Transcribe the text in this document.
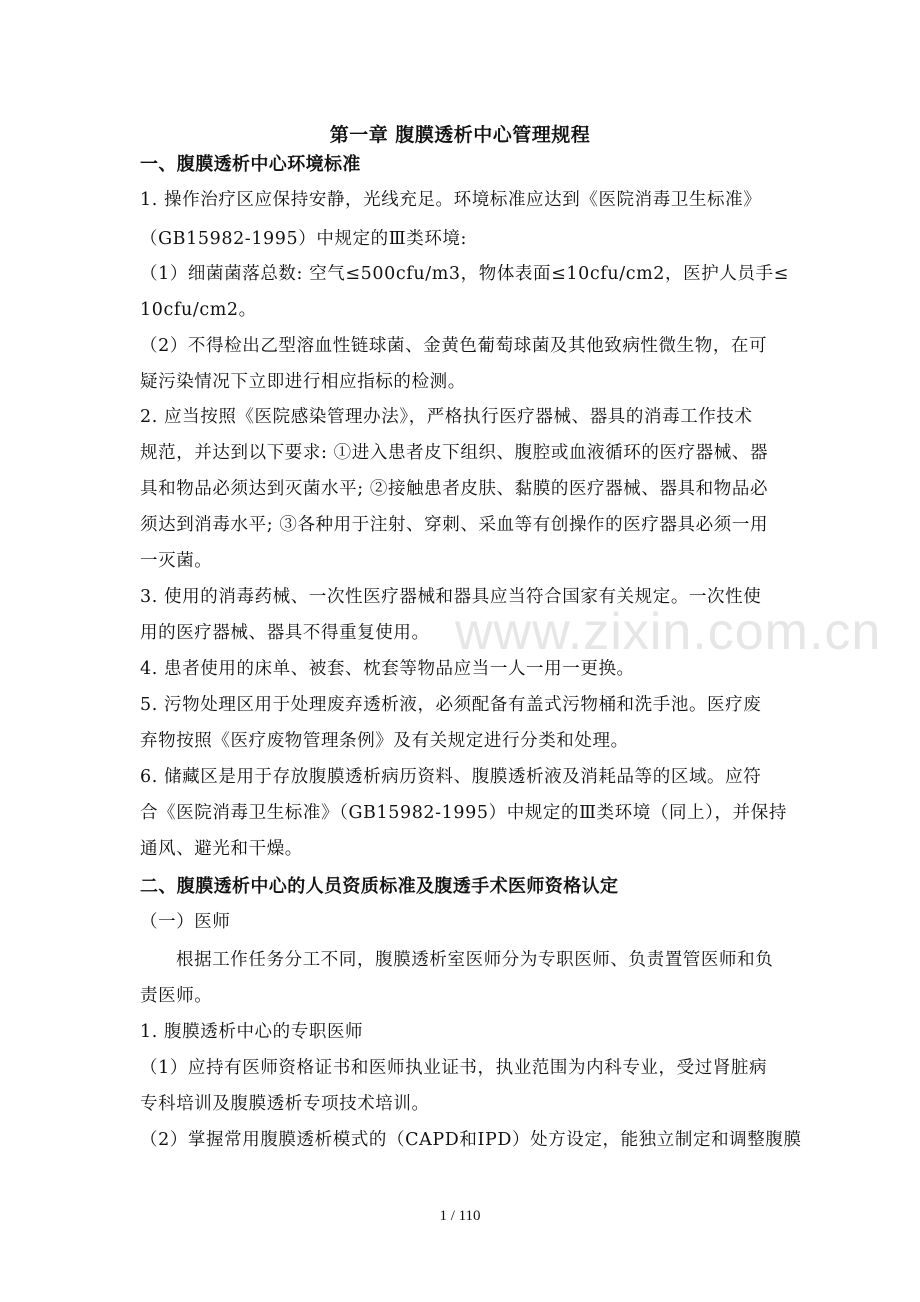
www.zixin.com.cn
第一章 腹膜透析中心管理规程
一、腹膜透析中心环境标准
1. 操作治疗区应保持安静，光线充足。环境标准应达到《医院消毒卫生标准》
（GB15982-1995）中规定的Ⅲ类环境:
（1）细菌菌落总数: 空气≤500cfu/m3，物体表面≤10cfu/cm2，医护人员手≤
10cfu/cm2。
（2）不得检出乙型溶血性链球菌、金黄色葡萄球菌及其他致病性微生物，在可
疑污染情况下立即进行相应指标的检测。
2. 应当按照《医院感染管理办法》，严格执行医疗器械、器具的消毒工作技术
规范，并达到以下要求: ①进入患者皮下组织、腹腔或血液循环的医疗器械、器
具和物品必须达到灭菌水平; ②接触患者皮肤、黏膜的医疗器械、器具和物品必
须达到消毒水平; ③各种用于注射、穿刺、采血等有创操作的医疗器具必须一用
一灭菌。
3. 使用的消毒药械、一次性医疗器械和器具应当符合国家有关规定。一次性使
用的医疗器械、器具不得重复使用。
4. 患者使用的床单、被套、枕套等物品应当一人一用一更换。
5. 污物处理区用于处理废弃透析液，必须配备有盖式污物桶和洗手池。医疗废
弃物按照《医疗废物管理条例》及有关规定进行分类和处理。
6. 储藏区是用于存放腹膜透析病历资料、腹膜透析液及消耗品等的区域。应符
合《医院消毒卫生标准》（GB15982-1995）中规定的Ⅲ类环境（同上），并保持
通风、避光和干燥。
二、腹膜透析中心的人员资质标准及腹透手术医师资格认定
（一）医师
根据工作任务分工不同，腹膜透析室医师分为专职医师、负责置管医师和负
责医师。
1. 腹膜透析中心的专职医师
（1）应持有医师资格证书和医师执业证书，执业范围为内科专业，受过肾脏病
专科培训及腹膜透析专项技术培训。
（2）掌握常用腹膜透析模式的（CAPD和IPD）处方设定，能独立制定和调整腹膜
1 / 110
